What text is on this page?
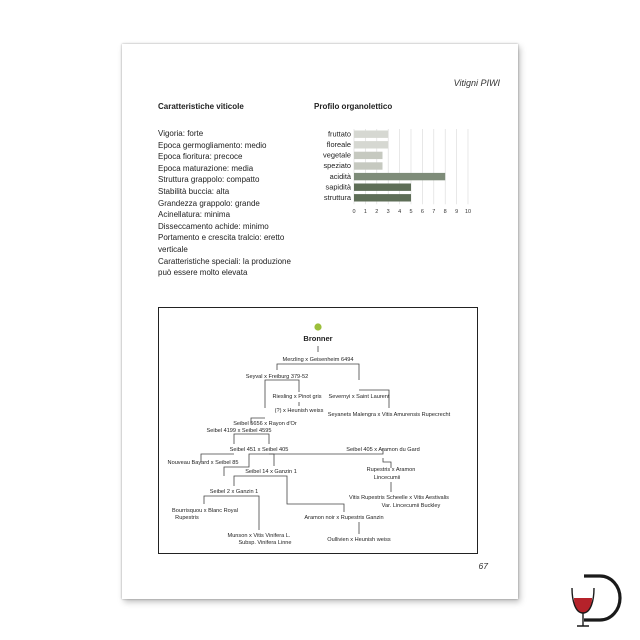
Vitigni PIWI
Caratteristiche viticole
Vigoria: forte
Epoca germogliamento: medio
Epoca fioritura: precoce
Epoca maturazione: media
Struttura grappolo: compatto
Stabilità buccia: alta
Grandezza grappolo: grande
Acinellatura: minima
Disseccamento achide: minimo
Portamento e crescita tralcio: eretto
verticale
Caratteristiche speciali: la produzione
può essere molto elevata
Profilo organolettico
0 1 2 3 4 5 6 7 8 9 10
fruttato
floreale
vegetale
speziato
acidità
sapidità
struttura
Bronner
Merzling x Geisenheim 6494
Seyval x Freiburg 379-52
Riesling x Pinot gris Severnyi x Saint Laurent
(?) x Heunish weiss
Seyanets Malengra x Vitis Amurensis Rupecrecht
Seibel 5656 x Rayon d'Or
Seibel 4199 x Seibel 4595
Seibel 451 x Seibel 405	Seibel 405 x Aramon du Gard
Nouveau Bayard x Seibel 85
Rupestris x Aramon
Lincecumii
Seibel 14 x Ganzin 1
Vitis Rupestris Scheelle x Vitis Aestivalis
Var. Lincecumii Buckley
Seibel 2 x Ganzin 1
Bourrisquou x Blanc Royal
Rupestris	Aramon noir x Rupestris Ganzin
Munson x Vitis Vinifera L.
Subsp. Vinifera Linne	Oullivien x Heunish weiss
67
